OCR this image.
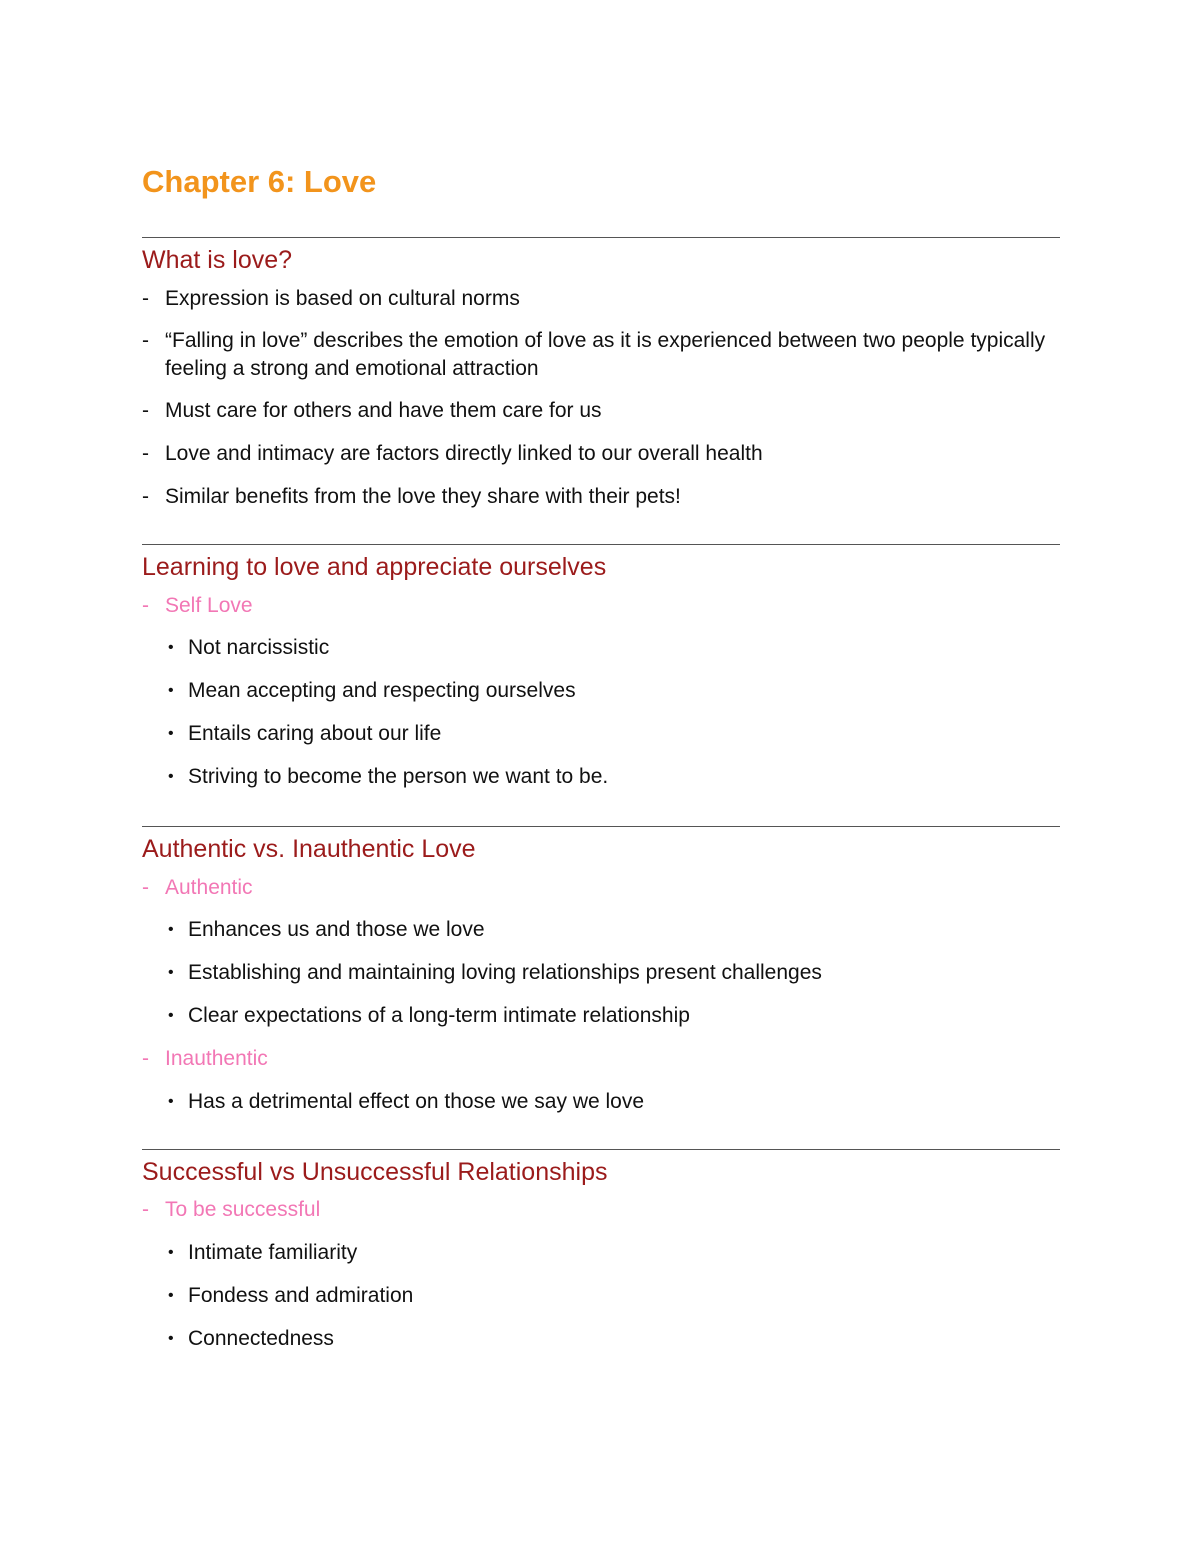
Chapter 6: Love
What is love?
- Expression is based on cultural norms
- “Falling in love” describes the emotion of love as it is experienced between two people typically feeling a strong and emotional attraction
- Must care for others and have them care for us
- Love and intimacy are factors directly linked to our overall health
- Similar benefits from the love they share with their pets!
Learning to love and appreciate ourselves
- Self Love
• Not narcissistic
• Mean accepting and respecting ourselves
• Entails caring about our life
• Striving to become the person we want to be.
Authentic vs. Inauthentic Love
- Authentic
• Enhances us and those we love
• Establishing and maintaining loving relationships present challenges
• Clear expectations of a long-term intimate relationship
- Inauthentic
• Has a detrimental effect on those we say we love
Successful vs Unsuccessful Relationships
- To be successful
• Intimate familiarity
• Fondess and admiration
• Connectedness
